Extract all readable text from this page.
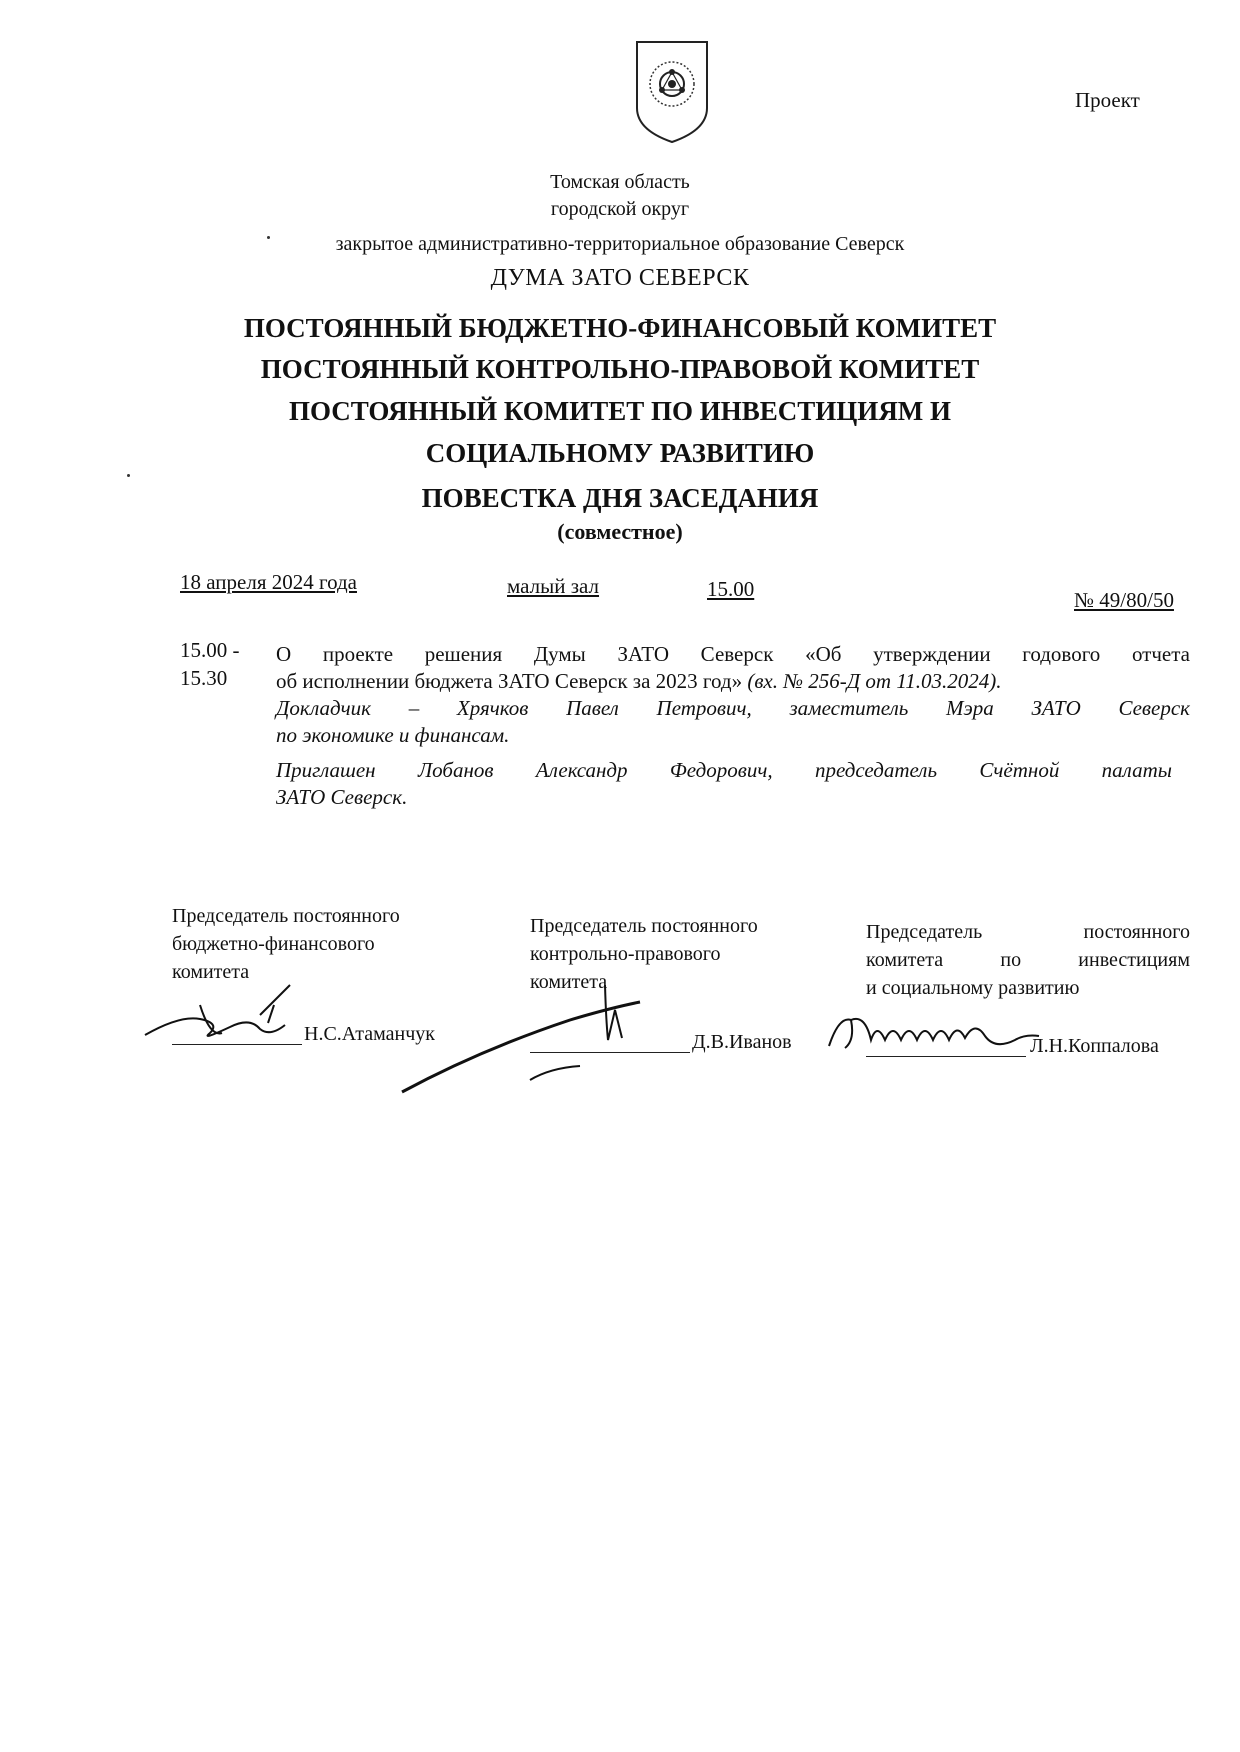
Проект
Томская область
городской округ
закрытое административно-территориальное образование Северск
ДУМА ЗАТО СЕВЕРСК
ПОСТОЯННЫЙ БЮДЖЕТНО-ФИНАНСОВЫЙ КОМИТЕТ
ПОСТОЯННЫЙ КОНТРОЛЬНО-ПРАВОВОЙ КОМИТЕТ
ПОСТОЯННЫЙ КОМИТЕТ ПО ИНВЕСТИЦИЯМ И
СОЦИАЛЬНОМУ РАЗВИТИЮ
ПОВЕСТКА ДНЯ ЗАСЕДАНИЯ
(совместное)
18 апреля 2024 года	малый зал	15.00	№ 49/80/50
15.00 -
15.30
О проекте решения Думы ЗАТО Северск «Об утверждении годового отчета
об исполнении бюджета ЗАТО Северск за 2023 год» (вх. № 256-Д от 11.03.2024).
Докладчик – Хрячков Павел Петрович, заместитель Мэра ЗАТО Северск
по экономике и финансам.
Приглашен Лобанов Александр Федорович, председатель Счётной палаты
ЗАТО Северск.
Председатель постоянного
бюджетно-финансового
комитета
Н.С.Атаманчук
Председатель постоянного
контрольно-правового
комитета
Д.В.Иванов
Председатель постоянного
комитета по инвестициям
и социальному развитию
Л.Н.Коппалова
